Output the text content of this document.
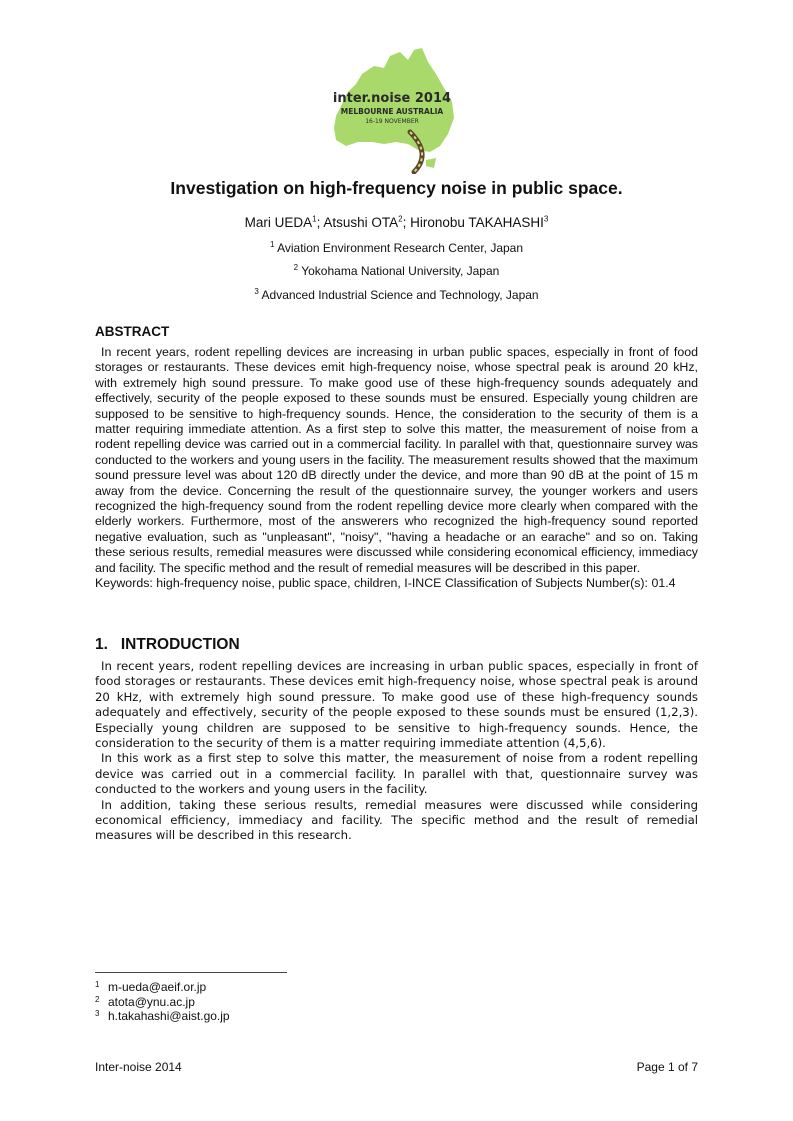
inter.noise 2014
MELBOURNE AUSTRALIA
16-19 NOVEMBER
Investigation on high-frequency noise in public space.
Mari UEDA$^1$; Atsushi OTA$^2$; Hironobu TAKAHASHI$^3$
$^1$ Aviation Environment Research Center, Japan
$^2$ Yokohama National University, Japan
$^3$ Advanced Industrial Science and Technology, Japan
ABSTRACT

In recent years, rodent repelling devices are increasing in urban public spaces, especially in front of food storages or restaurants. These devices emit high-frequency noise, whose spectral peak is around 20 kHz, with extremely high sound pressure. To make good use of these high-frequency sounds adequately and effectively, security of the people exposed to these sounds must be ensured. Especially young children are supposed to be sensitive to high-frequency sounds. Hence, the consideration to the security of them is a matter requiring immediate attention. As a first step to solve this matter, the measurement of noise from a rodent repelling device was carried out in a commercial facility. In parallel with that, questionnaire survey was conducted to the workers and young users in the facility. The measurement results showed that the maximum sound pressure level was about 120 dB directly under the device, and more than 90 dB at the point of 15 m away from the device. Concerning the result of the questionnaire survey, the younger workers and users recognized the high-frequency sound from the rodent repelling device more clearly when compared with the elderly workers. Furthermore, most of the answerers who recognized the high-frequency sound reported negative evaluation, such as "unpleasant", "noisy", "having a headache or an earache" and so on. Taking these serious results, remedial measures were discussed while considering economical efficiency, immediacy and facility. The specific method and the result of remedial measures will be described in this paper.

Keywords: high-frequency noise, public space, children, I-INCE Classification of Subjects Number(s): 01.4

1.   INTRODUCTION

In recent years, rodent repelling devices are increasing in urban public spaces, especially in front of food storages or restaurants. These devices emit high-frequency noise, whose spectral peak is around 20 kHz, with extremely high sound pressure. To make good use of these high-frequency sounds adequately and effectively, security of the people exposed to these sounds must be ensured (1,2,3). Especially young children are supposed to be sensitive to high-frequency sounds. Hence, the consideration to the security of them is a matter requiring immediate attention (4,5,6).

In this work as a first step to solve this matter, the measurement of noise from a rodent repelling device was carried out in a commercial facility. In parallel with that, questionnaire survey was conducted to the workers and young users in the facility.

In addition, taking these serious results, remedial measures were discussed while considering economical efficiency, immediacy and facility. The specific method and the result of remedial measures will be described in this research.

1 m-ueda@aeif.or.jp
2 atota@ynu.ac.jp
3 h.takahashi@aist.go.jp
Inter-noise 2014	Page 1 of 7
